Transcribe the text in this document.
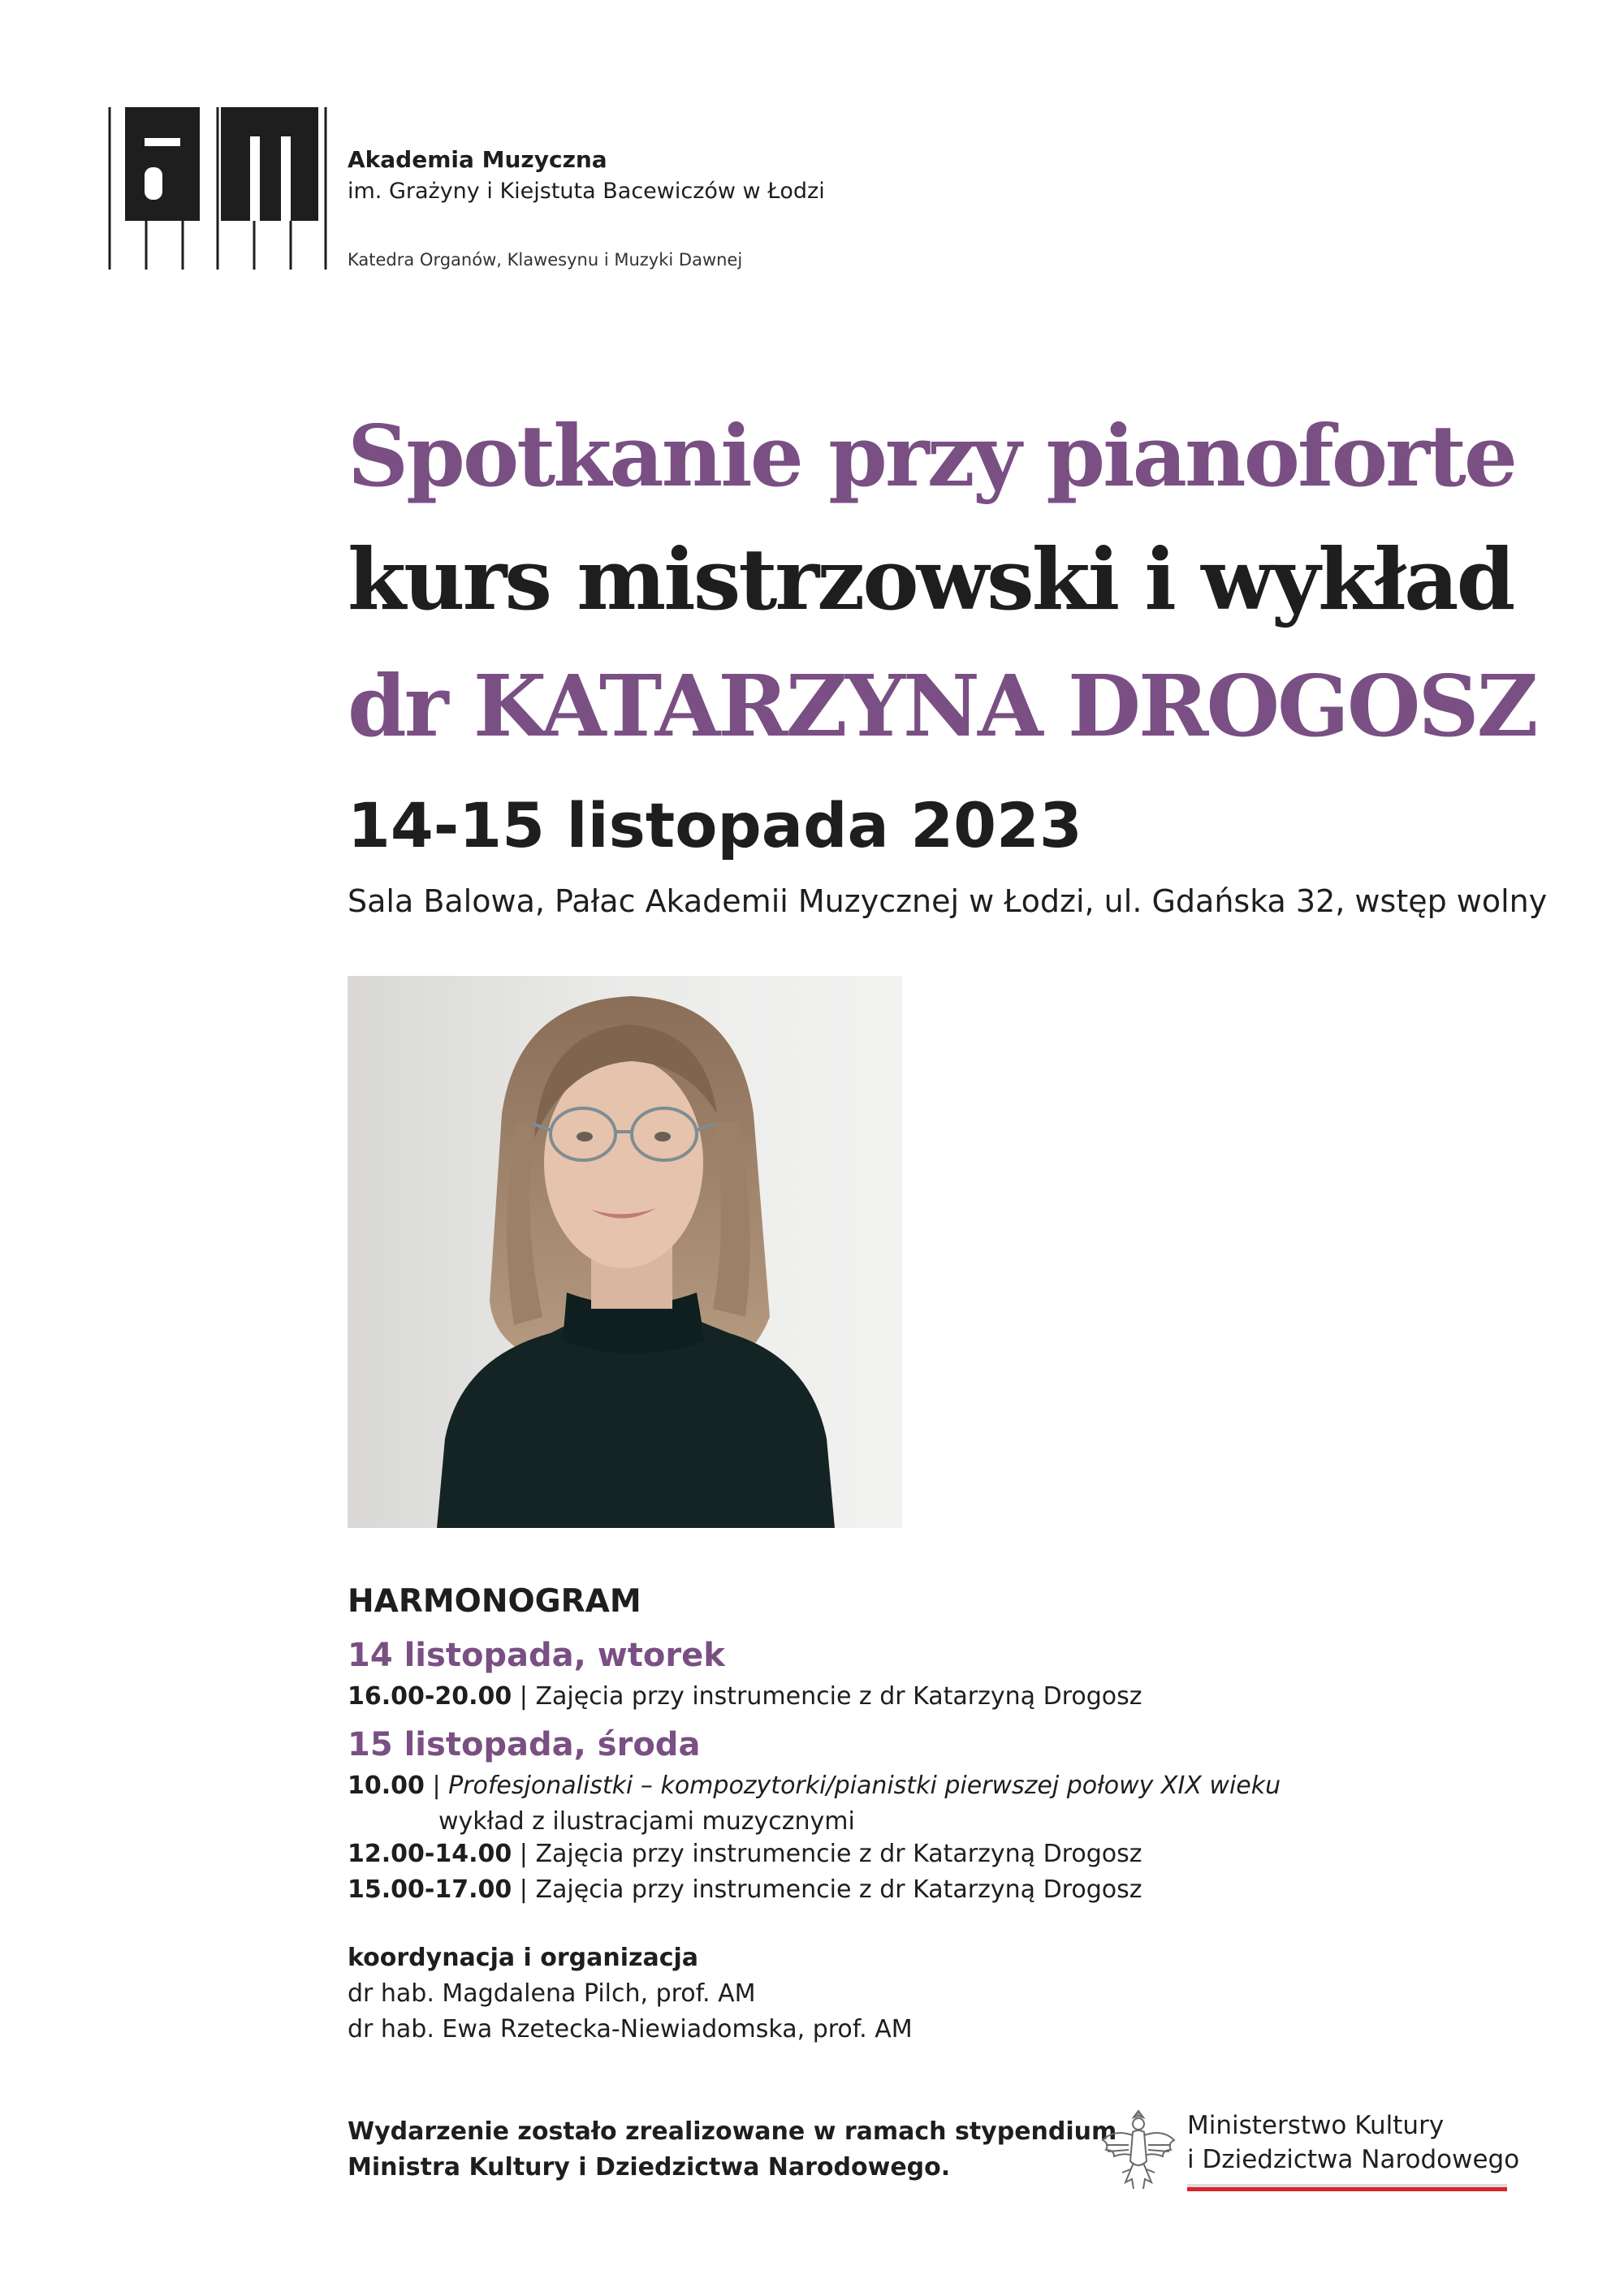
Akademia Muzyczna
im. Grażyny i Kiejstuta Bacewiczów w Łodzi
Katedra Organów, Klawesynu i Muzyki Dawnej
Spotkanie przy pianoforte
kurs mistrzowski i wykład
dr KATARZYNA DROGOSZ
14-15 listopada 2023
Sala Balowa, Pałac Akademii Muzycznej w Łodzi, ul. Gdańska 32, wstęp wolny
HARMONOGRAM
14 listopada, wtorek
16.00-20.00 | Zajęcia przy instrumencie z dr Katarzyną Drogosz
15 listopada, środa
10.00 | Profesjonalistki – kompozytorki/pianistki pierwszej połowy XIX wieku
wykład z ilustracjami muzycznymi
12.00-14.00 | Zajęcia przy instrumencie z dr Katarzyną Drogosz
15.00-17.00 | Zajęcia przy instrumencie z dr Katarzyną Drogosz
koordynacja i organizacja
dr hab. Magdalena Pilch, prof. AM
dr hab. Ewa Rzetecka-Niewiadomska, prof. AM
Wydarzenie zostało zrealizowane w ramach stypendium
Ministra Kultury i Dziedzictwa Narodowego.
Ministerstwo Kultury
i Dziedzictwa Narodowego
